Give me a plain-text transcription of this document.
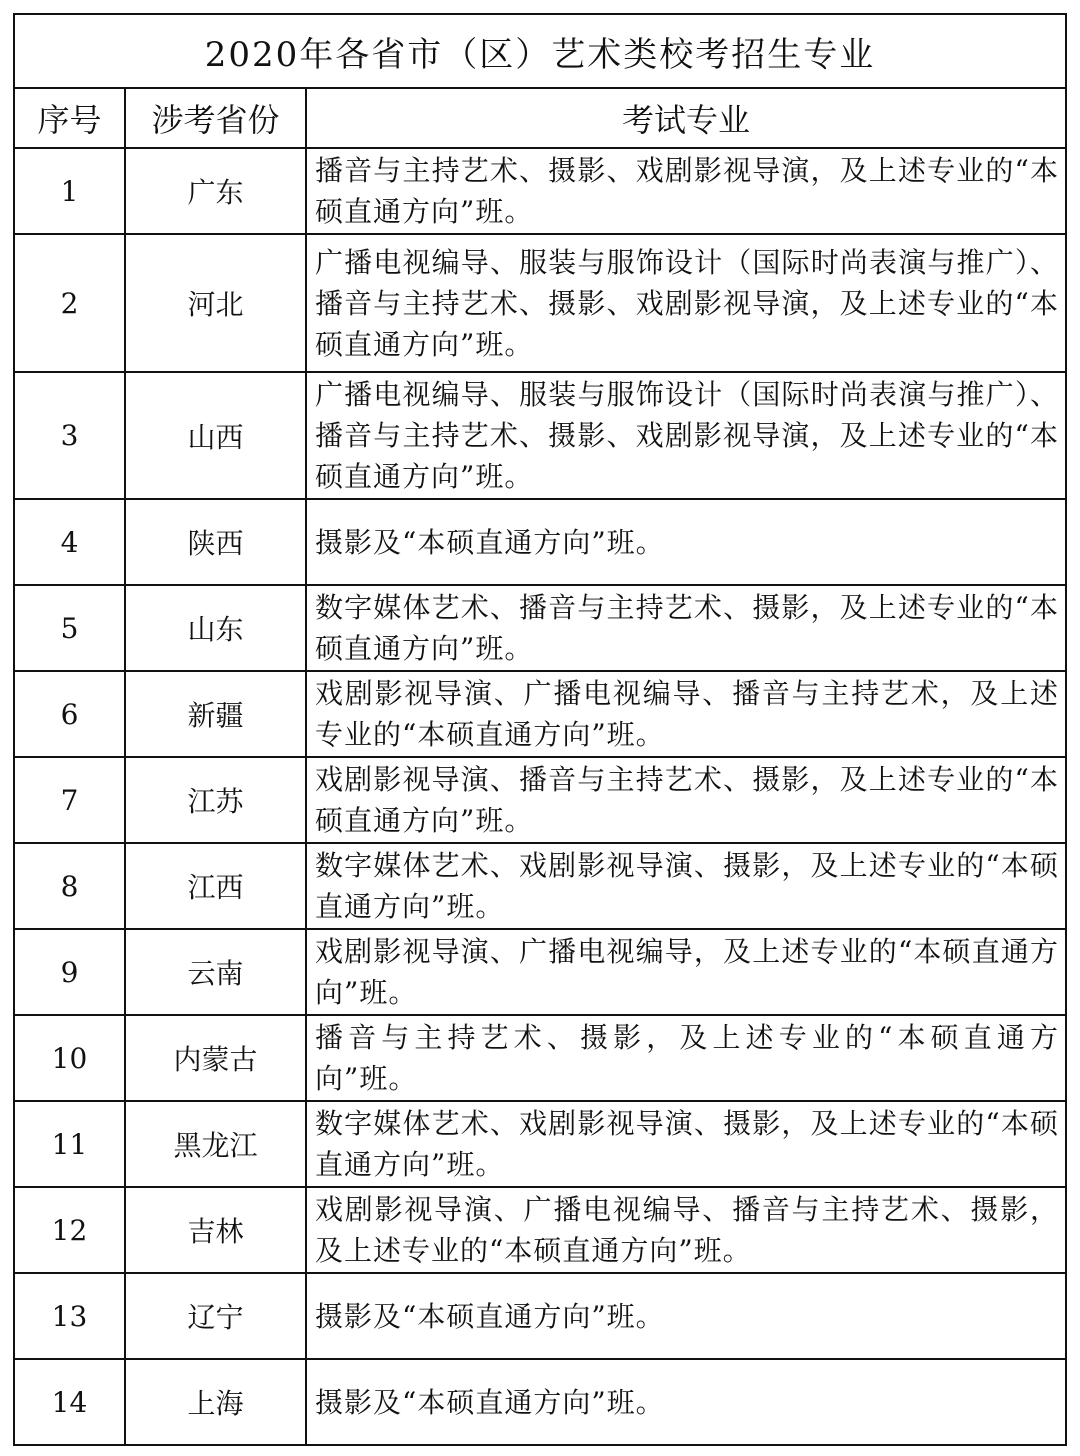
2020年各省市（区）艺术类校考招生专业		
序号	涉考省份	考试专业
1	广东	播音与主持艺术、摄影、戏剧影视导演，及上述专业的“本硕直通方向”班。
2	河北	广播电视编导、服装与服饰设计（国际时尚表演与推广）、播音与主持艺术、摄影、戏剧影视导演，及上述专业的“本硕直通方向”班。
3	山西	广播电视编导、服装与服饰设计（国际时尚表演与推广）、播音与主持艺术、摄影、戏剧影视导演，及上述专业的“本硕直通方向”班。
4	陕西	摄影及“本硕直通方向”班。
5	山东	数字媒体艺术、播音与主持艺术、摄影，及上述专业的“本硕直通方向”班。
6	新疆	戏剧影视导演、广播电视编导、播音与主持艺术，及上述专业的“本硕直通方向”班。
7	江苏	戏剧影视导演、播音与主持艺术、摄影，及上述专业的“本硕直通方向”班。
8	江西	数字媒体艺术、戏剧影视导演、摄影，及上述专业的“本硕直通方向”班。
9	云南	戏剧影视导演、广播电视编导，及上述专业的“本硕直通方向”班。
10	内蒙古	播音与主持艺术、摄影，及上述专业的“本硕直通方向”班。
11	黑龙江	数字媒体艺术、戏剧影视导演、摄影，及上述专业的“本硕直通方向”班。
12	吉林	戏剧影视导演、广播电视编导、播音与主持艺术、摄影，及上述专业的“本硕直通方向”班。
13	辽宁	摄影及“本硕直通方向”班。
14	上海	摄影及“本硕直通方向”班。
